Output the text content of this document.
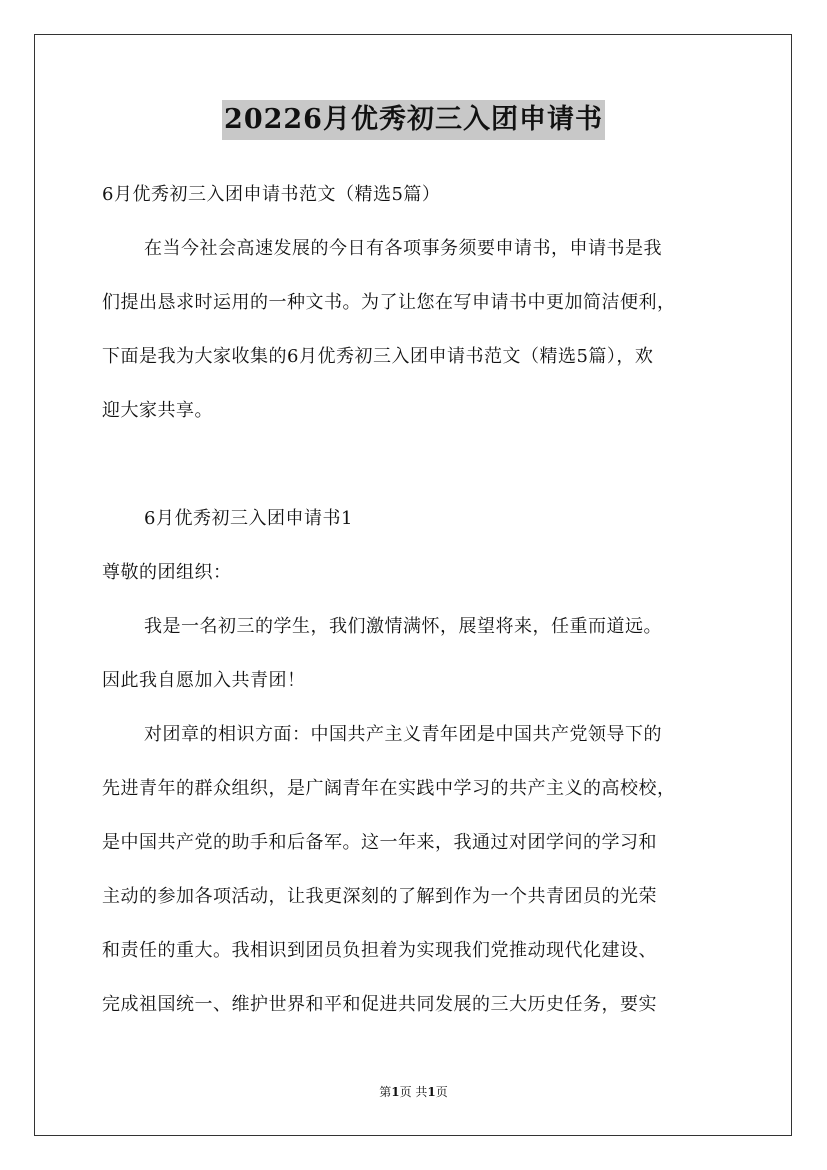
20226月优秀初三入团申请书

6月优秀初三入团申请书范文（精选5篇）

在当今社会高速发展的今日有各项事务须要申请书，申请书是我

们提出恳求时运用的一种文书。为了让您在写申请书中更加简洁便利，

下面是我为大家收集的6月优秀初三入团申请书范文（精选5篇），欢

迎大家共享。

6月优秀初三入团申请书1

尊敬的团组织：

我是一名初三的学生，我们激情满怀，展望将来，任重而道远。

因此我自愿加入共青团！

对团章的相识方面：中国共产主义青年团是中国共产党领导下的

先进青年的群众组织，是广阔青年在实践中学习的共产主义的高校校，

是中国共产党的助手和后备军。这一年来，我通过对团学问的学习和

主动的参加各项活动，让我更深刻的了解到作为一个共青团员的光荣

和责任的重大。我相识到团员负担着为实现我们党推动现代化建设、

完成祖国统一、维护世界和平和促进共同发展的三大历史任务，要实

第1页 共1页
